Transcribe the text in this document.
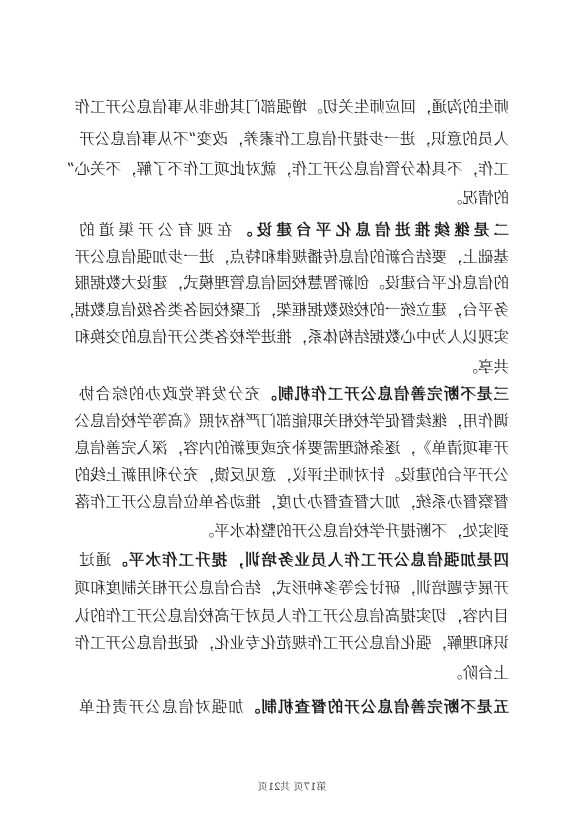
师
生
的
沟
通
，
回
应
师
生
关
切
。
增
强
部
门
其
他
非
从
事
信
息
公
开
工
作
人
员
的
意
识
，
进
一
步
提
升
信
息
工
作
素
养
，
改
变
“
不
从
事
信
息
公
开
工
作
，
不
具
体
分
管
信
息
公
开
工
作
，
就
对
此
项
工
作
不
了
解
，
不
关
心
”
的
情
况
。
二
是
继
续
推
进
信
息
化
平
台
建
设
。
在
现
有
公
开
渠
道
的
基
础
上
，
要
结
合
新
的
信
息
传
播
规
律
和
特
点
，
进
一
步
加
强
信
息
公
开
的
信
息
化
平
台
建
设
。
创
新
智
慧
校
园
信
息
管
理
模
式
，
建
设
大
数
据
服
务
平
台
，
建
立
统
一
的
校
级
数
据
框
架
，
汇
聚
校
园
各
类
各
级
信
息
数
据
，
实
现
以
人
为
中
心
数
据
结
构
体
系
，
推
进
学
校
各
类
公
开
信
息
的
交
换
和
共
享
。
三
是
不
断
完
善
信
息
公
开
工
作
机
制
。
充
分
发
挥
党
政
办
的
综
合
协
调
作
用
，
继
续
督
促
学
校
相
关
职
能
部
门
严
格
对
照
《
高
等
学
校
信
息
公
开
事
项
清
单
》
，
逐
条
梳
理
需
要
补
充
或
更
新
的
内
容
，
深
入
完
善
信
息
公
开
平
台
的
建
设
。
针
对
师
生
评
议
，
意
见
反
馈
，
充
分
利
用
新
上
线
的
督
察
督
办
系
统
，
加
大
督
查
督
办
力
度
，
推
动
各
单
位
信
息
公
开
工
作
落
到
实
处
，
不
断
提
升
学
校
信
息
公
开
的
整
体
水
平
。
四
是
加
强
信
息
公
开
工
作
人
员
业
务
培
训
，
提
升
工
作
水
平
。
通
过
开
展
专
题
培
训
，
研
讨
会
等
多
种
形
式
，
结
合
信
息
公
开
相
关
制
度
和
项
目
内
容
，
切
实
提
高
信
息
公
开
工
作
人
员
对
于
高
校
信
息
公
开
工
作
的
认
识
和
理
解
，
强
化
信
息
公
开
工
作
规
范
化
专
业
化
，
促
进
信
息
公
开
工
作
上
台
阶
。
五
是
不
断
完
善
信
息
公
开
的
督
查
机
制
。
加
强
对
信
息
公
开
责
任
单
第17页 共21页
